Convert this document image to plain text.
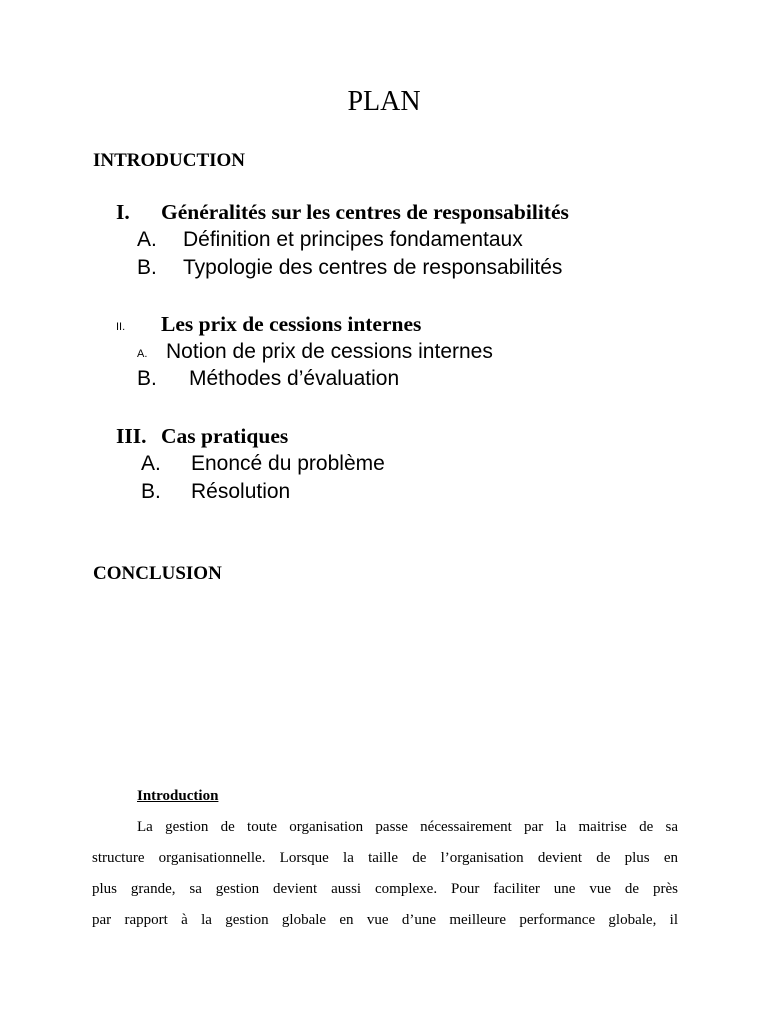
PLAN
INTRODUCTION
I. Généralités sur les centres de responsabilités
A. Définition et principes fondamentaux
B. Typologie des centres de responsabilités
II. Les prix de cessions internes
A. Notion de prix de cessions internes
B. Méthodes d’évaluation
III. Cas pratiques
A. Enoncé du problème
B. Résolution
CONCLUSION
Introduction
La gestion de toute organisation passe nécessairement par la maitrise de sa
structure organisationnelle. Lorsque la taille de l’organisation devient de plus en
plus grande, sa gestion devient aussi complexe. Pour faciliter une vue de près
par rapport à la gestion globale en vue d’une meilleure performance globale, il
